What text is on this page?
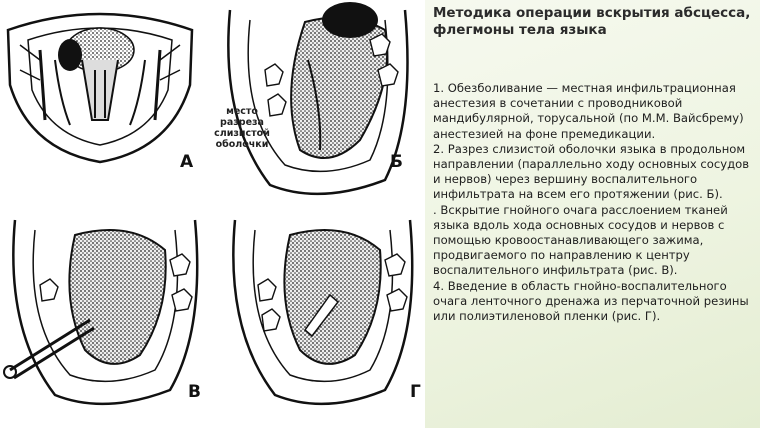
А
место разреза слизистой оболочки
Б
В	Г
Методика операции вскрытия абсцесса, флегмоны тела языка

1. Обезболивание — местная инфильтрационная анестезия в сочетании с проводниковой мандибулярной, торусальной (по М.М. Вайсбрему) анестезией на фоне премедикации.

2. Разрез слизистой оболочки языка в продольном направлении (параллельно ходу основных сосудов и нервов) через вершину воспалительного инфильтрата на всем его протяжении (рис. Б).

. Вскрытие гнойного очага расслоением тканей языка вдоль хода основных сосудов и нервов с помощью кровоостанавливающего зажима, продвигаемого по направлению к центру воспалительного инфильтрата (рис. В).

4. Введение в область гнойно-воспалительного очага ленточного дренажа из перчаточной резины или полиэтиленовой пленки (рис. Г).
